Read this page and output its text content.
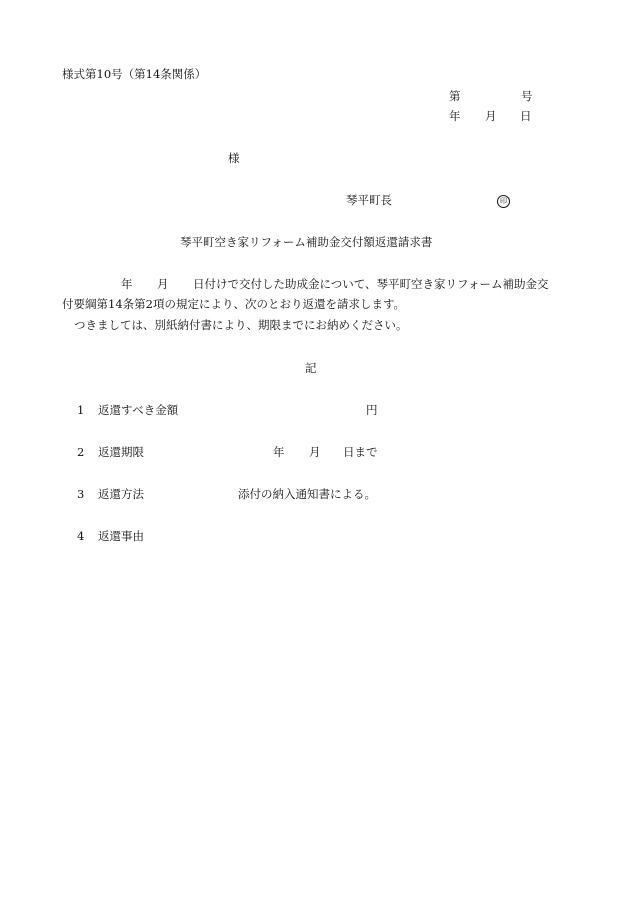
様式第10号（第14条関係）
第	号
年 月 日
様
琴平町長	印
琴平町空き家リフォーム補助金交付額返還請求書
年 月 日付けで交付した助成金について、琴平町空き家リフォーム補助金交
付要綱第14条第2項の規定により、次のとおり返還を請求します。
つきましては、別紙納付書により、期限までにお納めください。
記
1 返還すべき金額	円
2 返還期限	年 月 日まで
3 返還方法	添付の納入通知書による。
4 返還事由
